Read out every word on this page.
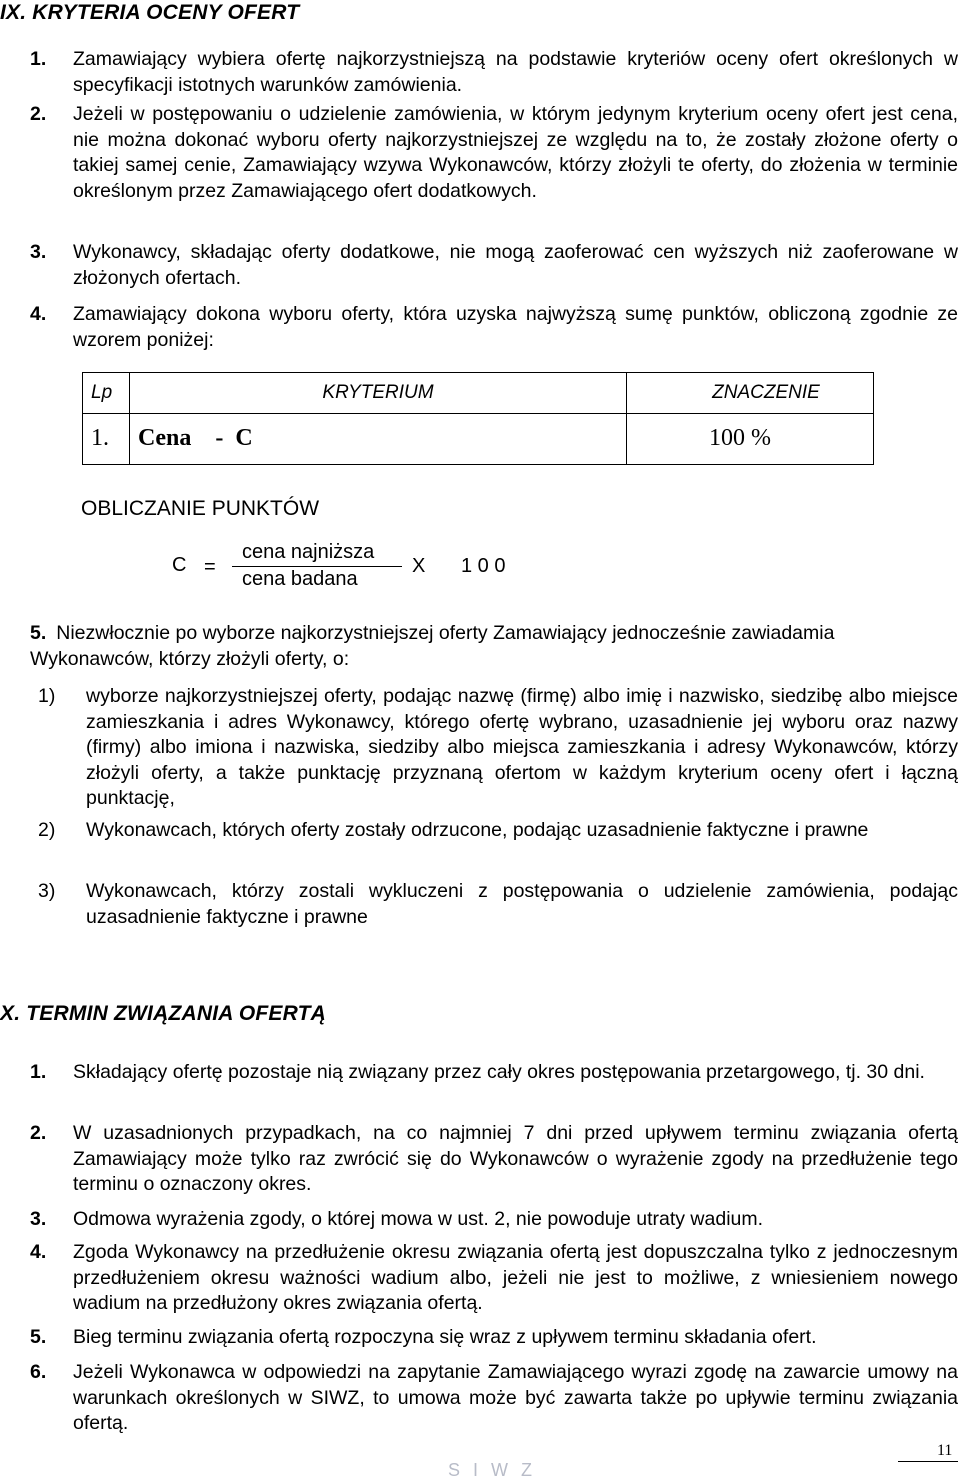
IX. KRYTERIA OCENY OFERT
1. Zamawiający wybiera ofertę najkorzystniejszą na podstawie kryteriów oceny ofert określonych w specyfikacji istotnych warunków zamówienia.
2. Jeżeli w postępowaniu o udzielenie zamówienia, w którym jedynym kryterium oceny ofert jest cena, nie można dokonać wyboru oferty najkorzystniejszej ze względu na to, że zostały złożone oferty o takiej samej cenie, Zamawiający wzywa Wykonawców, którzy złożyli te oferty, do złożenia w terminie określonym przez Zamawiającego ofert dodatkowych.
3. Wykonawcy, składając oferty dodatkowe, nie mogą zaoferować cen wyższych niż zaoferowane w złożonych ofertach.
4. Zamawiający dokona wyboru oferty, która uzyska najwyższą sumę punktów, obliczoną zgodnie ze wzorem poniżej:
Lp	KRYTERIUM	ZNACZENIE
1.	Cena    -  C	100 %
OBLICZANIE PUNKTÓW
C =
cena najniższa
cena badana
X 1 0 0
5. Niezwłocznie po wyborze najkorzystniejszej oferty Zamawiający jednocześnie zawiadamia Wykonawców, którzy złożyli oferty, o:
1) wyborze najkorzystniejszej oferty, podając nazwę (firmę) albo imię i nazwisko, siedzibę albo miejsce zamieszkania i adres Wykonawcy, którego ofertę wybrano, uzasadnienie jej wyboru oraz nazwy (firmy) albo imiona i nazwiska, siedziby albo miejsca zamieszkania i adresy Wykonawców, którzy złożyli oferty, a także punktację przyznaną ofertom w każdym kryterium oceny ofert i łączną punktację,
2) Wykonawcach, których oferty zostały odrzucone, podając uzasadnienie faktyczne i prawne
3) Wykonawcach, którzy zostali wykluczeni z postępowania o udzielenie zamówienia, podając uzasadnienie faktyczne i prawne
X. TERMIN ZWIĄZANIA OFERTĄ
1. Składający ofertę pozostaje nią związany przez cały okres postępowania przetargowego, tj. 30 dni.
2. W uzasadnionych przypadkach, na co najmniej 7 dni przed upływem terminu związania ofertą Zamawiający może tylko raz zwrócić się do Wykonawców o wyrażenie zgody na przedłużenie tego terminu o oznaczony okres.
3. Odmowa wyrażenia zgody, o której mowa w ust. 2, nie powoduje utraty wadium.
4. Zgoda Wykonawcy na przedłużenie okresu związania ofertą jest dopuszczalna tylko z jednoczesnym przedłużeniem okresu ważności wadium albo, jeżeli nie jest to możliwe, z wniesieniem nowego wadium na przedłużony okres związania ofertą.
5. Bieg terminu związania ofertą rozpoczyna się wraz z upływem terminu składania ofert.
6. Jeżeli Wykonawca w odpowiedzi na zapytanie Zamawiającego wyrazi zgodę na zawarcie umowy na warunkach określonych w SIWZ, to umowa może być zawarta także po upływie terminu związania ofertą.
11
S I W Z
